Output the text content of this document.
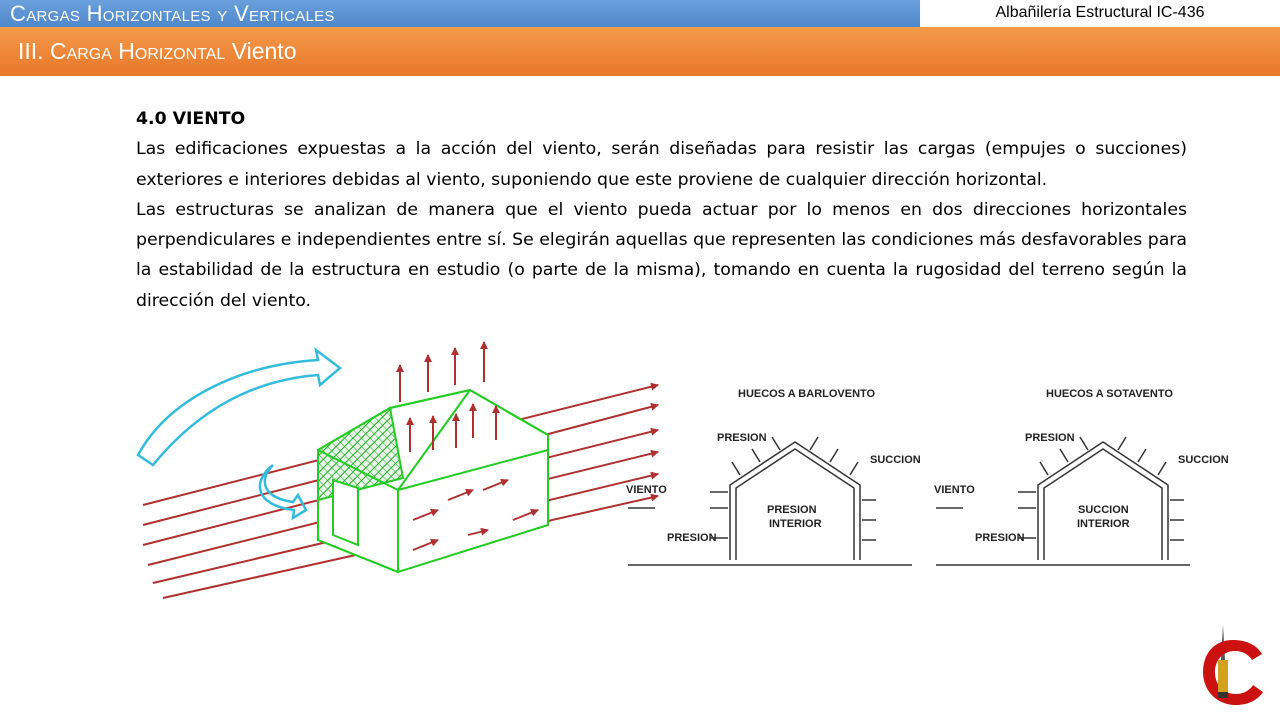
Cargas Horizontales y Verticales	Albañilería Estructural IC-436
III. Carga Horizontal Viento
4.0 VIENTO

Las edificaciones expuestas a la acción del viento, serán diseñadas para resistir las cargas (empujes o succiones) exteriores e interiores debidas al viento, suponiendo que este proviene de cualquier dirección horizontal.

Las estructuras se analizan de manera que el viento pueda actuar por lo menos en dos direcciones horizontales perpendiculares e independientes entre sí. Se elegirán aquellas que representen las condiciones más desfavorables para la estabilidad de la estructura en estudio (o parte de la misma), tomando en cuenta la rugosidad del terreno según la dirección del viento.

HUECOS A BARLOVENTO
PRESION
SUCCION
VIENTO
PRESION
PRESION
INTERIOR
HUECOS A SOTAVENTO
PRESION
SUCCION
VIENTO
PRESION
SUCCION
INTERIOR
